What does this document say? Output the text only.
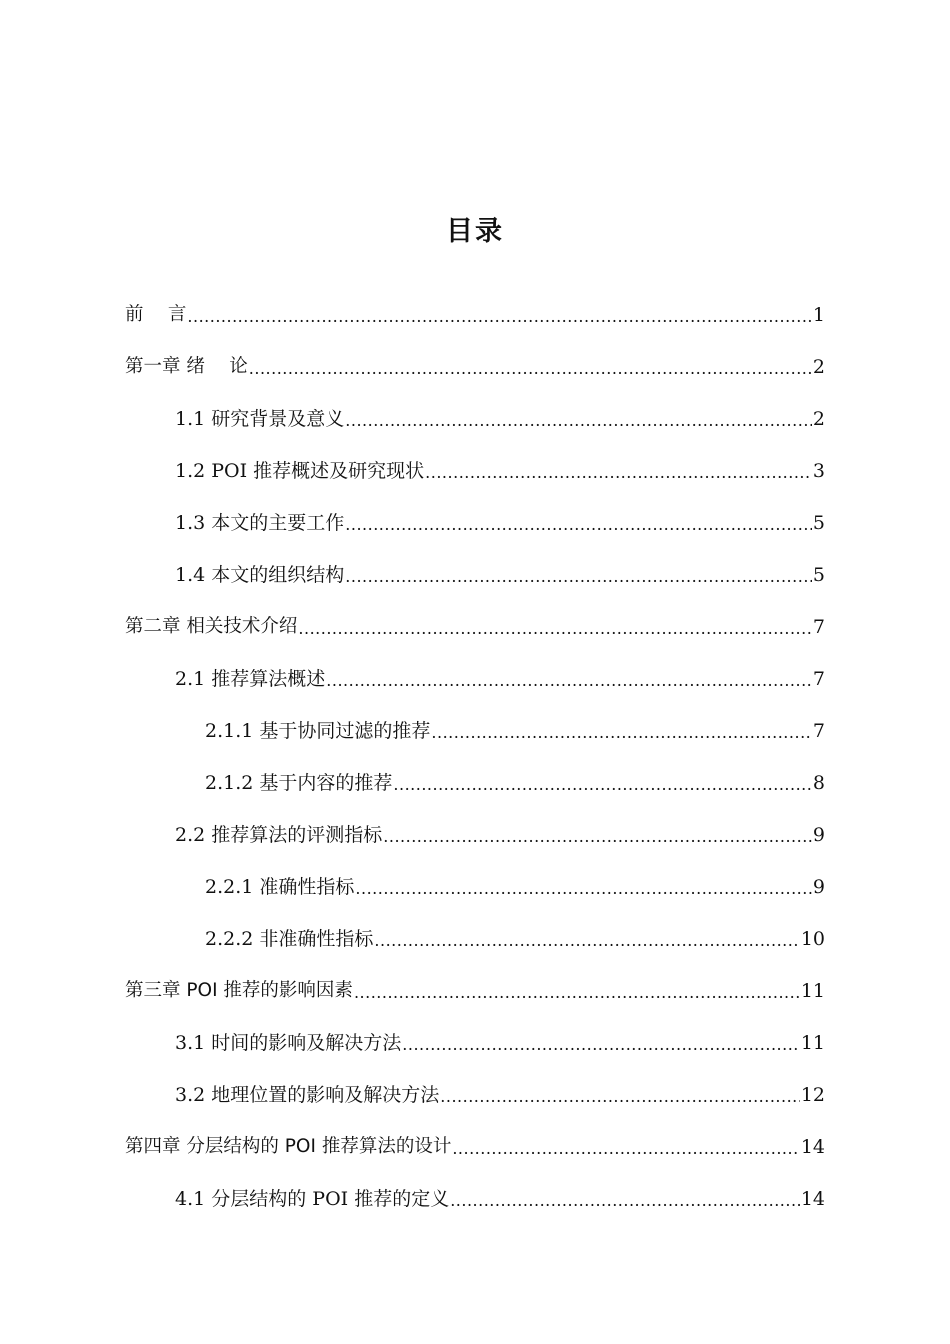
目录
前　 言 .....	1
第一章 绪　 论 .....	2
1.1 研究背景及意义 .....	2
1.2 POI 推荐概述及研究现状 .....	3
1.3 本文的主要工作 .....	5
1.4 本文的组织结构 .....	5
第二章 相关技术介绍 .....	7
2.1 推荐算法概述 .....	7
2.1.1 基于协同过滤的推荐 .....	7
2.1.2 基于内容的推荐 .....	8
2.2 推荐算法的评测指标 .....	9
2.2.1 准确性指标 .....	9
2.2.2 非准确性指标 .....	10
第三章 POI 推荐的影响因素 .....	11
3.1 时间的影响及解决方法 .....	11
3.2 地理位置的影响及解决方法 .....	12
第四章 分层结构的 POI 推荐算法的设计 .....	14
4.1 分层结构的 POI 推荐的定义 .....	14
